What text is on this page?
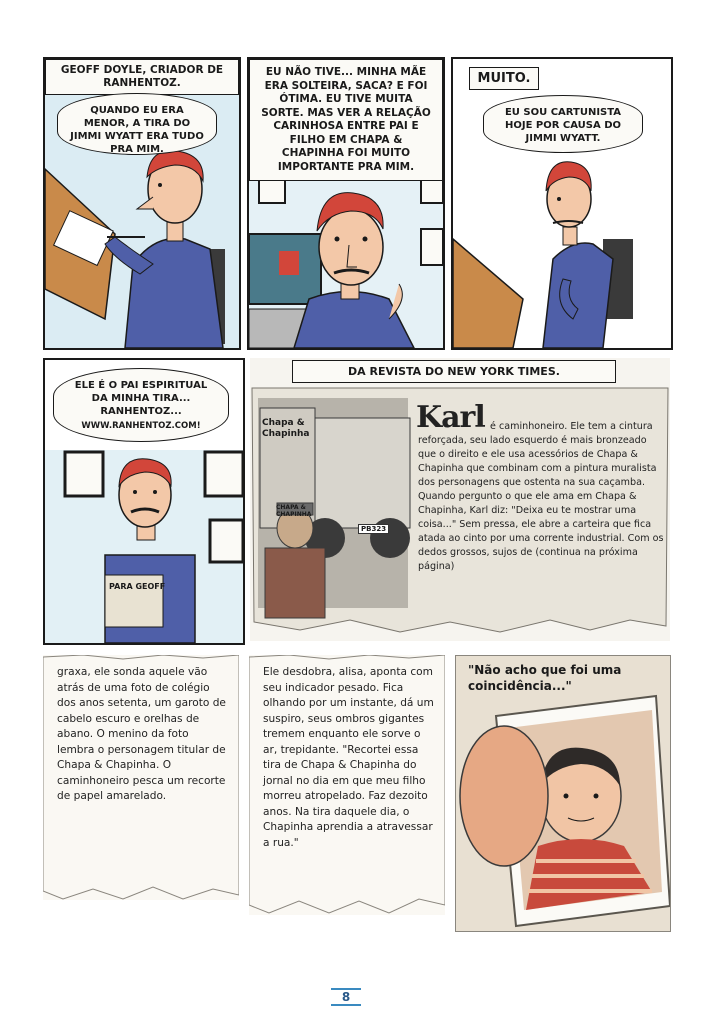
GEOFF DOYLE, CRIADOR DE RANHENTOZ.
QUANDO EU ERA MENOR, A TIRA DO JIMMI WYATT ERA TUDO PRA MIM.
EU NÃO TIVE... MINHA MÃE ERA SOLTEIRA, SACA? E FOI ÓTIMA. EU TIVE MUITA SORTE. MAS VER A RELAÇÃO CARINHOSA ENTRE PAI E FILHO EM CHAPA & CHAPINHA FOI MUITO IMPORTANTE PRA MIM.
MUITO.
EU SOU CARTUNISTA HOJE POR CAUSA DO JIMMI WYATT.
ELE É O PAI ESPIRITUAL DA MINHA TIRA... RANHENTOZ...
WWW.RANHENTOZ.COM!
PARA GEOFF
DA REVISTA DO NEW YORK TIMES.
Karl
Chapa & Chapinha
CHAPA & CHAPINHA
PB323
é caminhoneiro. Ele tem a cintura reforçada, seu lado esquerdo é mais bronzeado que o direito e ele usa acessórios de Chapa & Chapinha que combinam com a pintura muralista dos personagens que ostenta na sua caçamba. Quando pergunto o que ele ama em Chapa & Chapinha, Karl diz: "Deixa eu te mostrar uma coisa..." Sem pressa, ele abre a carteira que fica atada ao cinto por uma corrente industrial. Com os dedos grossos, sujos de (continua na próxima página)
graxa, ele sonda aquele vão atrás de uma foto de colégio dos anos setenta, um garoto de cabelo escuro e orelhas de abano. O menino da foto lembra o personagem titular de Chapa & Chapinha. O caminhoneiro pesca um recorte de papel amarelado.
Ele desdobra, alisa, aponta com seu indicador pesado. Fica olhando por um instante, dá um suspiro, seus ombros gigantes tremem enquanto ele sorve o ar, trepidante. "Recortei essa tira de Chapa & Chapinha do jornal no dia em que meu filho morreu atropelado. Faz dezoito anos. Na tira daquele dia, o Chapinha aprendia a atravessar a rua."
"Não acho que foi uma coincidência..."
8
